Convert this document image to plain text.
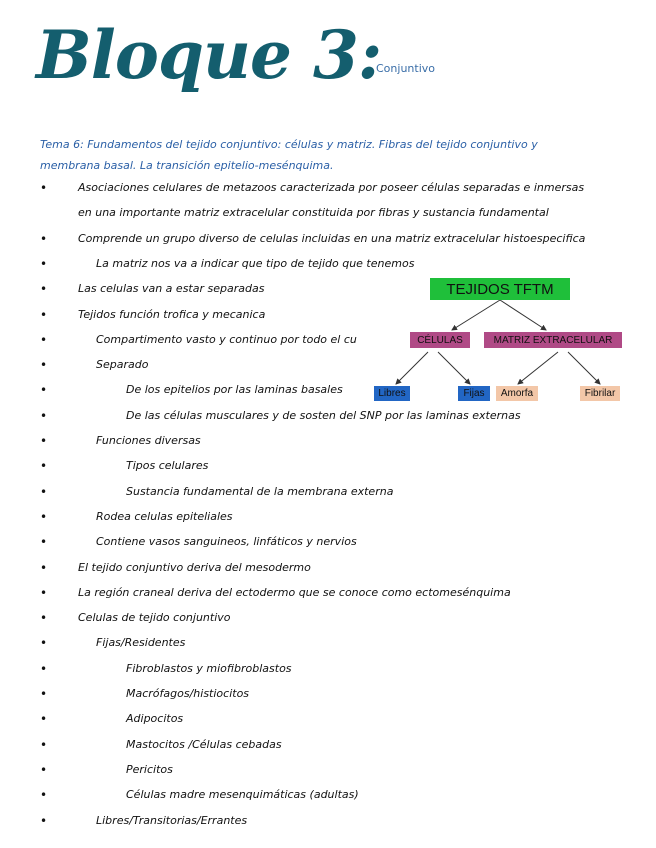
Bloque 3:
Conjuntivo
Tema 6: Fundamentos del tejido conjuntivo: células y matriz. Fibras del tejido conjuntivo y membrana basal. La transición epitelio-mesénquima.
•	Asociaciones celulares de metazoos caracterizada por poseer células separadas e inmersas
en una importante matriz extracelular constituida por fibras y sustancia fundamental
•	Comprende un grupo diverso de celulas incluidas en una matriz extracelular histoespecifica
•	La matriz nos va a indicar que tipo de tejido que tenemos
•	Las celulas van a estar separadas
•	Tejidos función trofica y mecanica
•	Compartimento vasto y continuo por todo el cu
•	Separado
•	De los epitelios por las laminas basales
•	De las células musculares y de sosten del SNP por las laminas externas
•	Funciones diversas
•	Tipos celulares
•	Sustancia fundamental de la membrana externa
•	Rodea celulas epiteliales
•	Contiene vasos sanguineos, linfáticos y nervios
•	El tejido conjuntivo deriva del mesodermo
•	La región craneal deriva del ectodermo que se conoce como ectomesénquima
•	Celulas de tejido conjuntivo
•	Fijas/Residentes
•	Fibroblastos y miofibroblastos
•	Macrófagos/histiocitos
•	Adipocitos
•	Mastocitos /Células cebadas
•	Pericitos
•	Células madre mesenquimáticas (adultas)
•	Libres/Transitorias/Errantes
TEJIDOS TFTM
CÉLULAS	MATRIZ EXTRACELULAR
Libres	Fijas	Amorfa	Fibrilar
